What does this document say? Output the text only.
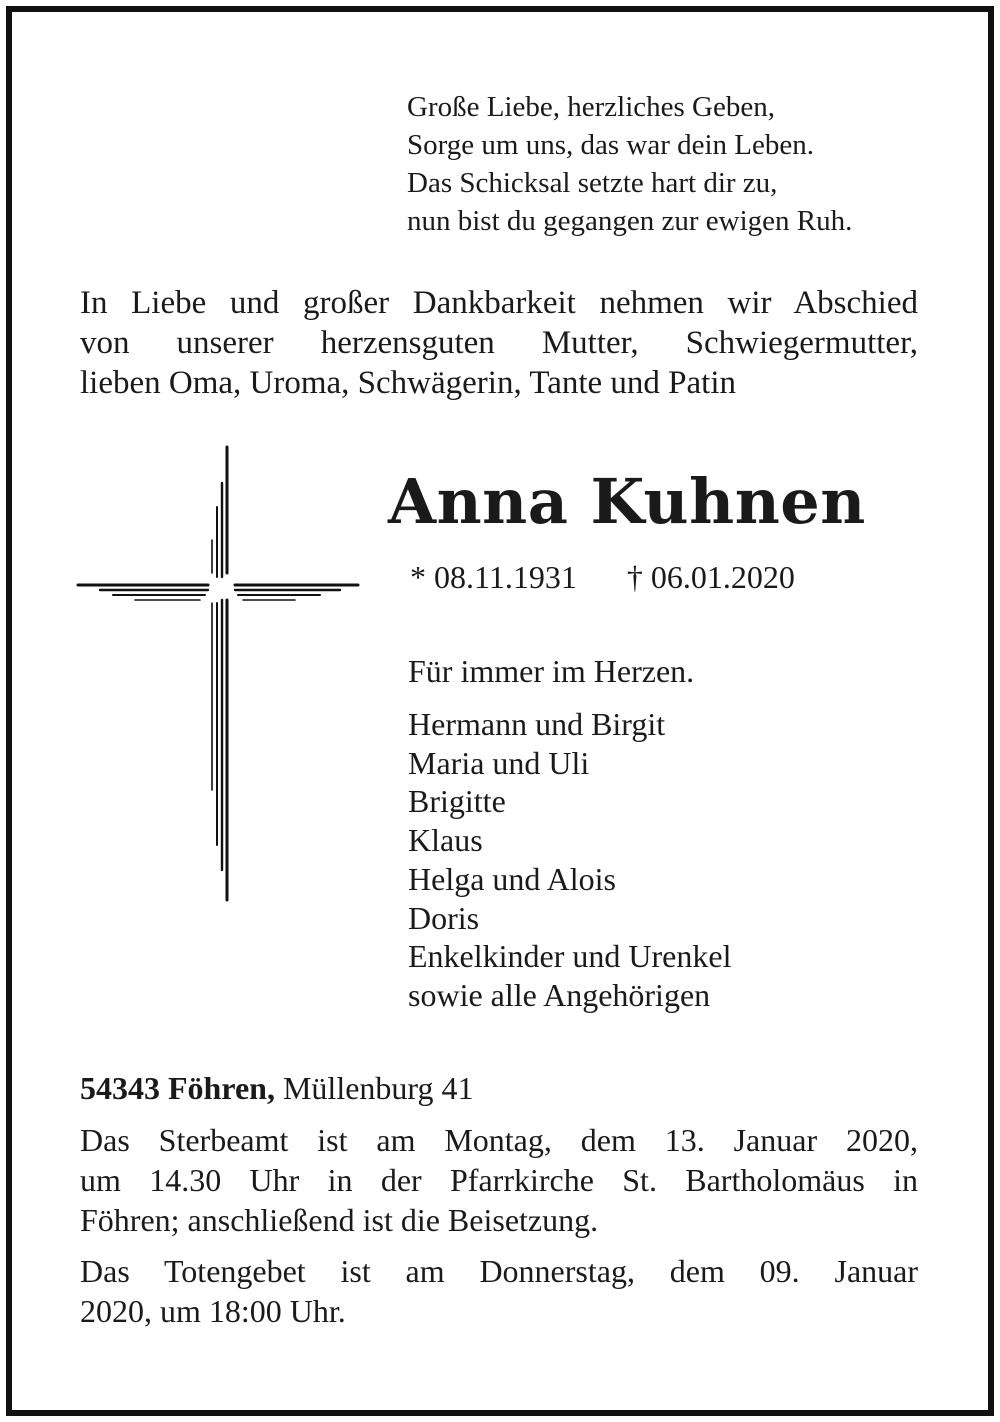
Große Liebe, herzliches Geben,
Sorge um uns, das war dein Leben.
Das Schicksal setzte hart dir zu,
nun bist du gegangen zur ewigen Ruh.
In Liebe und großer Dankbarkeit nehmen wir Abschied
von unserer herzensguten Mutter, Schwiegermutter,
lieben Oma, Uroma, Schwägerin, Tante und Patin
Anna Kuhnen
* 08.11.1931 † 06.01.2020
Für immer im Herzen.
Hermann und Birgit
Maria und Uli
Brigitte
Klaus
Helga und Alois
Doris
Enkelkinder und Urenkel
sowie alle Angehörigen
54343 Föhren, Müllenburg 41
Das Sterbeamt ist am Montag, dem 13. Januar 2020,
um 14.30 Uhr in der Pfarrkirche St. Bartholomäus in
Föhren; anschließend ist die Beisetzung.
Das Totengebet ist am Donnerstag, dem 09. Januar
2020, um 18:00 Uhr.
